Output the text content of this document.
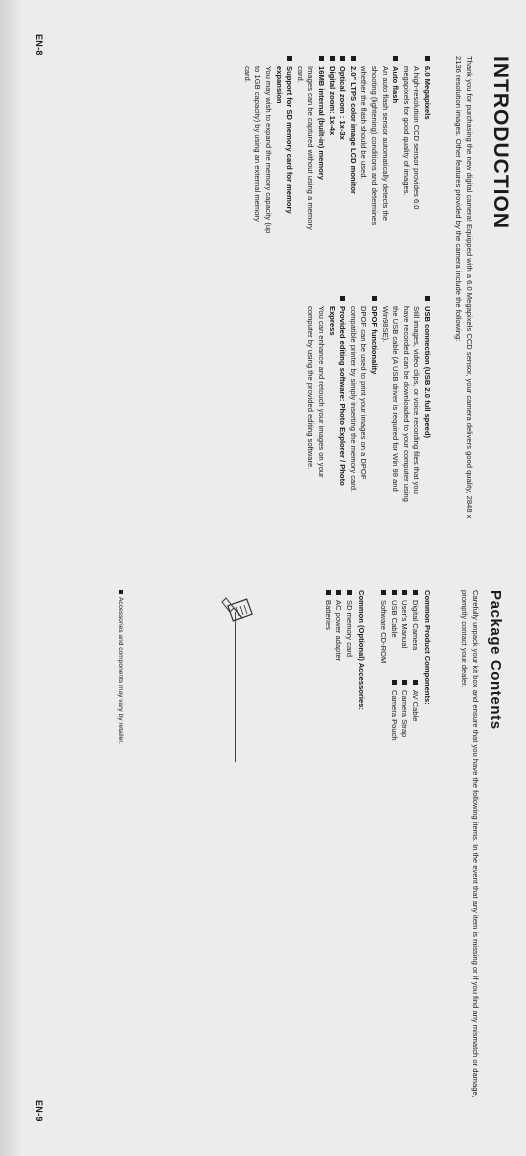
EN-8
INTRODUCTION

Thank you for purchasing the new digital camera! Equipped with a 6.0 Megapixels CCD sensor, your camera delivers good quality, 2848 x 2136 resolution images. Other features provided by the camera include the following:

6.0 Megapixels
A high-resolution CCD sensor provides 6.0 megapixels for good quality of images.
Auto flash
An auto flash sensor automatically detects the shooting (lightening) conditions and determines whether the flash should be used.
2.0" LTPS color image LCD monitor
Optical zoom : 1x-3x
Digital zoom: 1x-4x
16MB internal (built-in) memory
Images can be captured without using a memory card.
Support for SD memory card for memory expansion
You may wish to expand the memory capacity (up to 1GB capacity) by using an external memory card.
USB connection (USB 2.0 full speed)
Still images, video clips, or voice recording files that you have recorded can be downloaded to your computer using the USB cable (A USB driver is required for Win 98 and Win98SE).
DPOF functionality
DPOF can be used to print your images on a DPOF compatible printer by simply inserting the memory card.
Provided editing software: Photo Explorer / Photo Express
You can enhance and retouch your images on your computer by using the provided editing software.
Package Contents

Carefully unpack your kit box and ensure that you have the following items. In the event that any item is missing or if you find any mismatch or damage, promptly contact your dealer.

Common Product Components:
Digital Camera
User's Manual
USB Cable
Software CD-ROM
AV Cable
Camera Strap
Camera Pouch
Common (Optional) Accessories:
SD memory card
AC power adapter
Batteries
Accessories and components may vary by retailer.
EN-9
